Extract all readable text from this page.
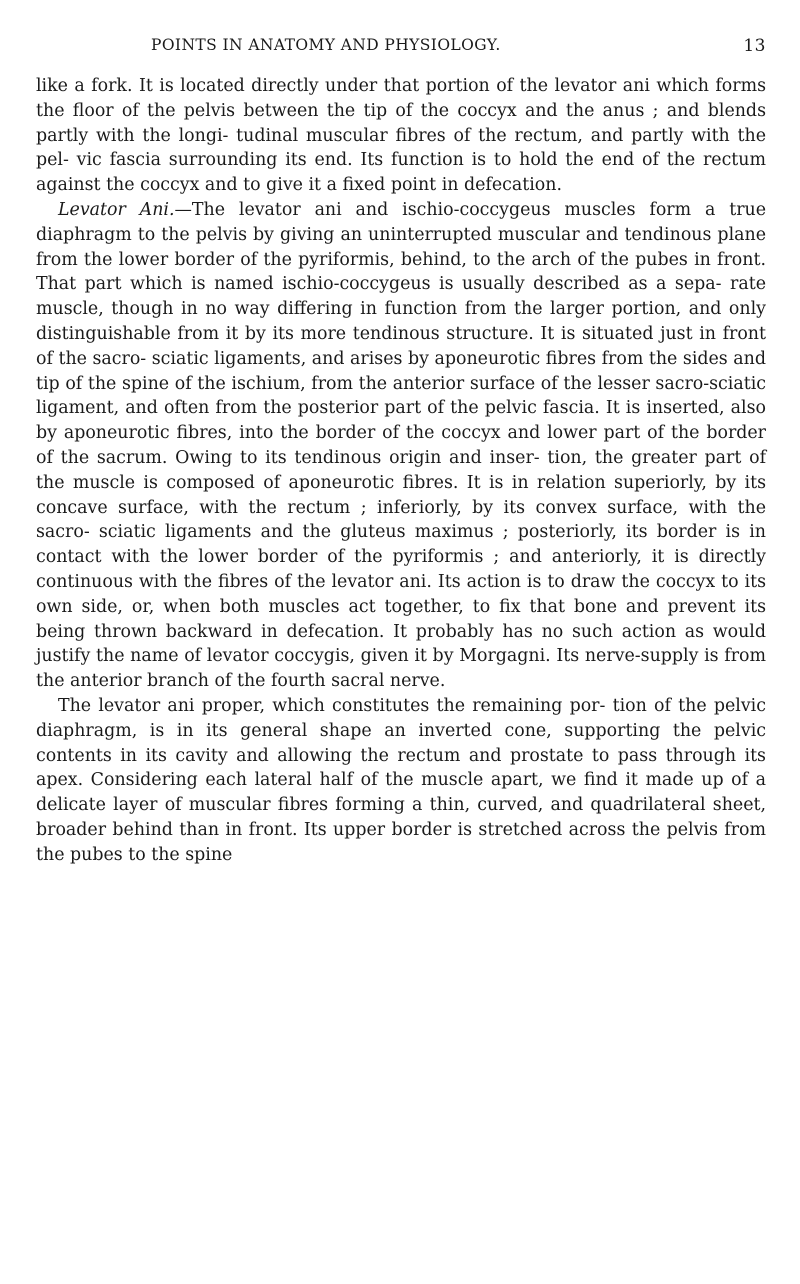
POINTS IN ANATOMY AND PHYSIOLOGY.	13

like a fork. It is located directly under that portion of the levator ani which forms the floor of the pelvis between the tip of the coccyx and the anus ; and blends partly with the longi- tudinal muscular fibres of the rectum, and partly with the pel- vic fascia surrounding its end. Its function is to hold the end of the rectum against the coccyx and to give it a fixed point in defecation.

Levator Ani.—The levator ani and ischio-coccygeus muscles form a true diaphragm to the pelvis by giving an uninterrupted muscular and tendinous plane from the lower border of the pyriformis, behind, to the arch of the pubes in front. That part which is named ischio-coccygeus is usually described as a sepa- rate muscle, though in no way differing in function from the larger portion, and only distinguishable from it by its more tendinous structure. It is situated just in front of the sacro- sciatic ligaments, and arises by aponeurotic fibres from the sides and tip of the spine of the ischium, from the anterior surface of the lesser sacro-sciatic ligament, and often from the posterior part of the pelvic fascia. It is inserted, also by aponeurotic fibres, into the border of the coccyx and lower part of the border of the sacrum. Owing to its tendinous origin and inser- tion, the greater part of the muscle is composed of aponeurotic fibres. It is in relation superiorly, by its concave surface, with the rectum ; inferiorly, by its convex surface, with the sacro- sciatic ligaments and the gluteus maximus ; posteriorly, its border is in contact with the lower border of the pyriformis ; and anteriorly, it is directly continuous with the fibres of the levator ani. Its action is to draw the coccyx to its own side, or, when both muscles act together, to fix that bone and prevent its being thrown backward in defecation. It probably has no such action as would justify the name of levator coccygis, given it by Morgagni. Its nerve-supply is from the anterior branch of the fourth sacral nerve.

The levator ani proper, which constitutes the remaining por- tion of the pelvic diaphragm, is in its general shape an inverted cone, supporting the pelvic contents in its cavity and allowing the rectum and prostate to pass through its apex. Considering each lateral half of the muscle apart, we find it made up of a delicate layer of muscular fibres forming a thin, curved, and quadrilateral sheet, broader behind than in front. Its upper border is stretched across the pelvis from the pubes to the spine
